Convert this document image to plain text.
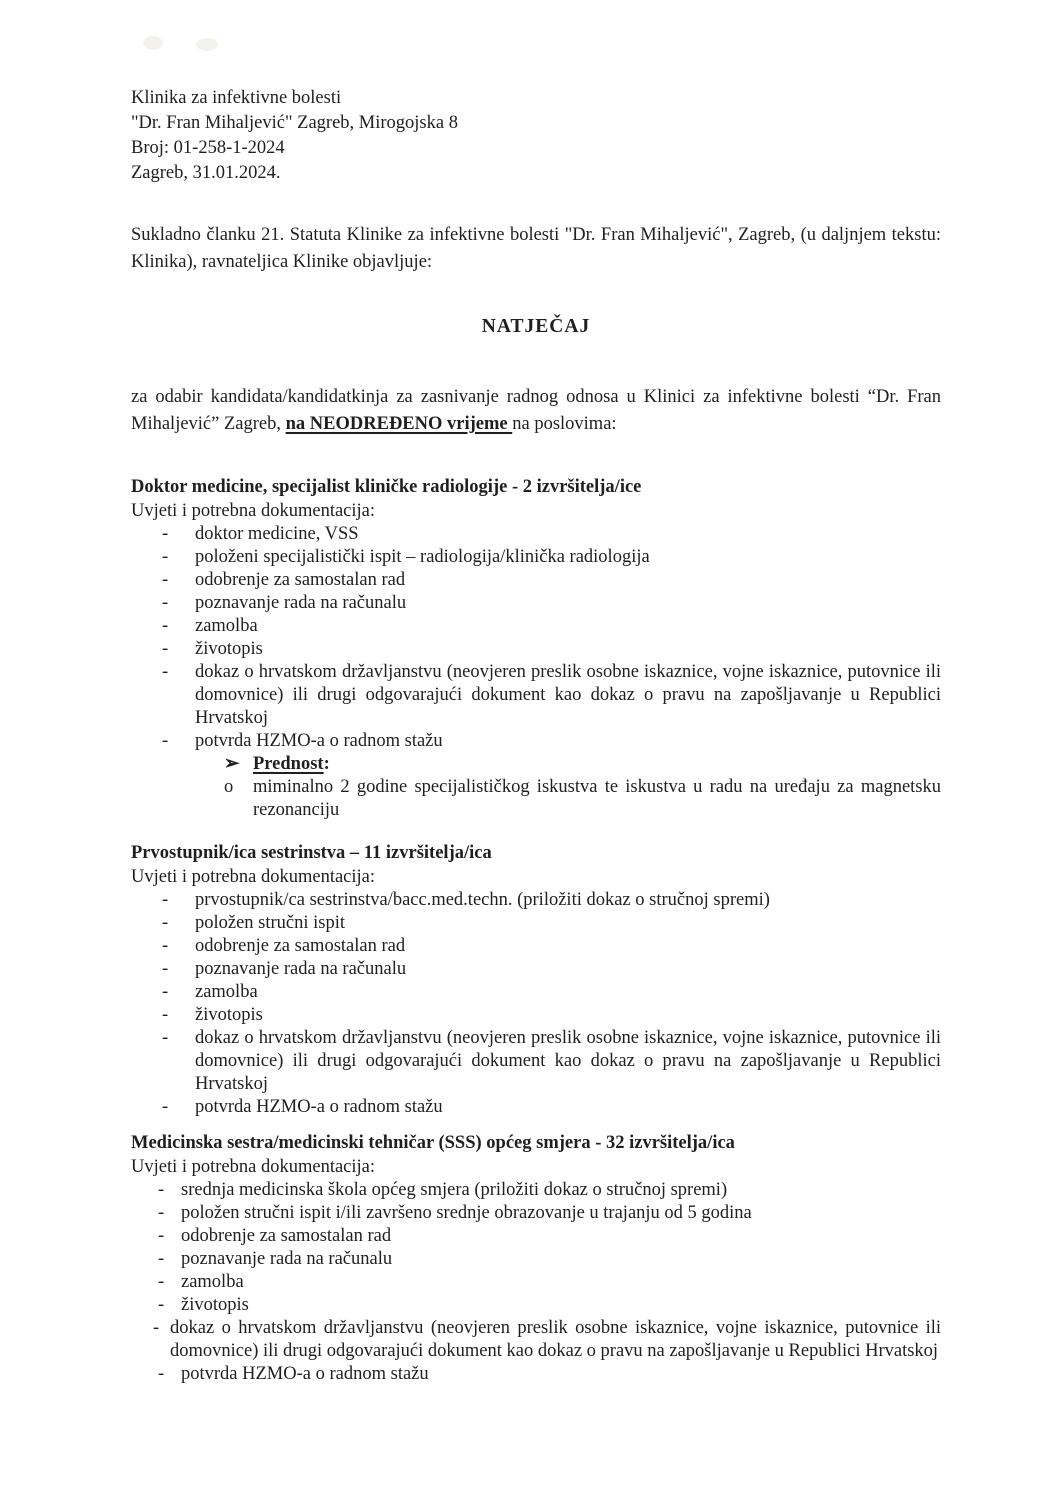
Klinika za infektivne bolesti
"Dr. Fran Mihaljević" Zagreb, Mirogojska 8
Broj: 01-258-1-2024
Zagreb, 31.01.2024.

Sukladno članku 21. Statuta Klinike za infektivne bolesti "Dr. Fran Mihaljević", Zagreb, (u daljnjem tekstu: Klinika), ravnateljica Klinike objavljuje:

NATJEČAJ

za odabir kandidata/kandidatkinja za zasnivanje radnog odnosa u Klinici za infektivne bolesti “Dr. Fran Mihaljević” Zagreb, na NEODREĐENO vrijeme na poslovima:

Doktor medicine, specijalist kliničke radiologije - 2 izvršitelja/ice

Uvjeti i potrebna dokumentacija:

-	doktor medicine, VSS
-	položeni specijalistički ispit – radiologija/klinička radiologija
-	odobrenje za samostalan rad
-	poznavanje rada na računalu
-	zamolba
-	životopis
-	dokaz o hrvatskom državljanstvu (neovjeren preslik osobne iskaznice, vojne iskaznice, putovnice ili domovnice) ili drugi odgovarajući dokument kao dokaz o pravu na zapošljavanje u Republici Hrvatskoj
-	potvrda HZMO-a o radnom stažu
➢ Prednost:
o	miminalno 2 godine specijalističkog iskustva te iskustva u radu na uređaju za magnetsku rezonanciju
Prvostupnik/ica sestrinstva – 11 izvršitelja/ica

Uvjeti i potrebna dokumentacija:

-	prvostupnik/ca sestrinstva/bacc.med.techn. (priložiti dokaz o stručnoj spremi)
-	položen stručni ispit
-	odobrenje za samostalan rad
-	poznavanje rada na računalu
-	zamolba
-	životopis
-	dokaz o hrvatskom državljanstvu (neovjeren preslik osobne iskaznice, vojne iskaznice, putovnice ili domovnice) ili drugi odgovarajući dokument kao dokaz o pravu na zapošljavanje u Republici Hrvatskoj
-	potvrda HZMO-a o radnom stažu
Medicinska sestra/medicinski tehničar (SSS) općeg smjera - 32 izvršitelja/ica

Uvjeti i potrebna dokumentacija:

- srednja medicinska škola općeg smjera (priložiti dokaz o stručnoj spremi)
- položen stručni ispit i/ili završeno srednje obrazovanje u trajanju od 5 godina
- odobrenje za samostalan rad
- poznavanje rada na računalu
- zamolba
- životopis
- dokaz o hrvatskom državljanstvu (neovjeren preslik osobne iskaznice, vojne iskaznice, putovnice ili domovnice) ili drugi odgovarajući dokument kao dokaz o pravu na zapošljavanje u Republici Hrvatskoj
- potvrda HZMO-a o radnom stažu
